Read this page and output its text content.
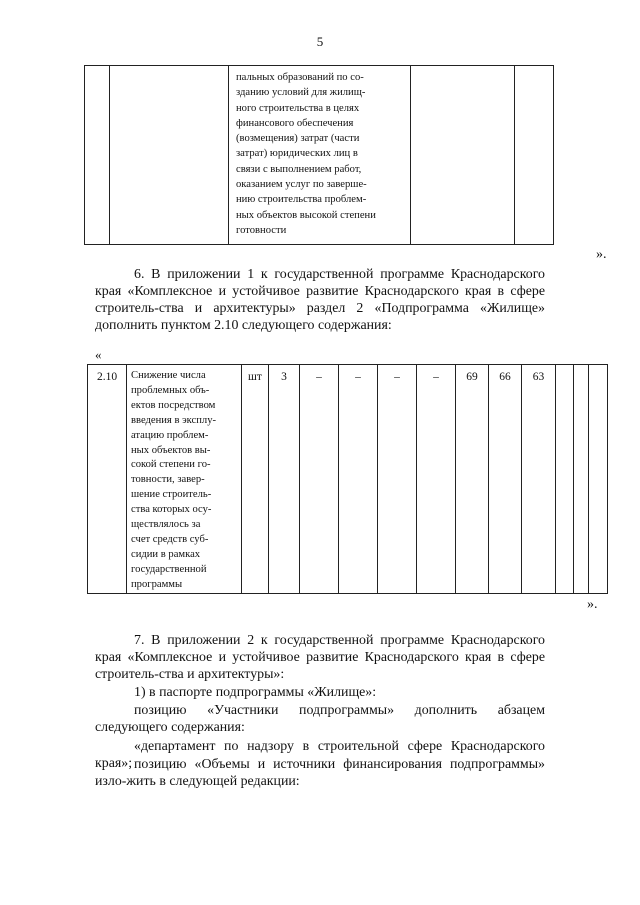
5

пальных образований по со-
зданию условий для жилищ-
ного строительства в целях
финансового обеспечения
(возмещения) затрат (части
затрат) юридических лиц в
связи с выполнением работ,
оказанием услуг по заверше-
нию строительства проблем-
ных объектов высокой степени
готовности

».
6. В приложении 1 к государственной программе Краснодарского края «Комплексное и устойчивое развитие Краснодарского края в сфере строитель-ства и архитектуры» раздел 2 «Подпрограмма «Жилище» дополнить пунктом 2.10 следующего содержания:
«
2.10	Снижение числа
проблемных объ-
ектов посредством
введения в эксплу-
атацию проблем-
ных объектов вы-
сокой степени го-
товности, завер-
шение строитель-
ства которых осу-
ществлялось за
счет средств суб-
сидии в рамках
государственной
программы
	шт	3	–	–	–	–	69	66	63			
».
7. В приложении 2 к государственной программе Краснодарского края «Комплексное и устойчивое развитие Краснодарского края в сфере строитель-ства и архитектуры»:
1) в паспорте подпрограммы «Жилище»:
позицию «Участники подпрограммы» дополнить абзацем следующего содержания:
«департамент по надзору в строительной сфере Краснодарского края»; позицию «Объемы и источники финансирования подпрограммы» изло-жить в следующей редакции:
